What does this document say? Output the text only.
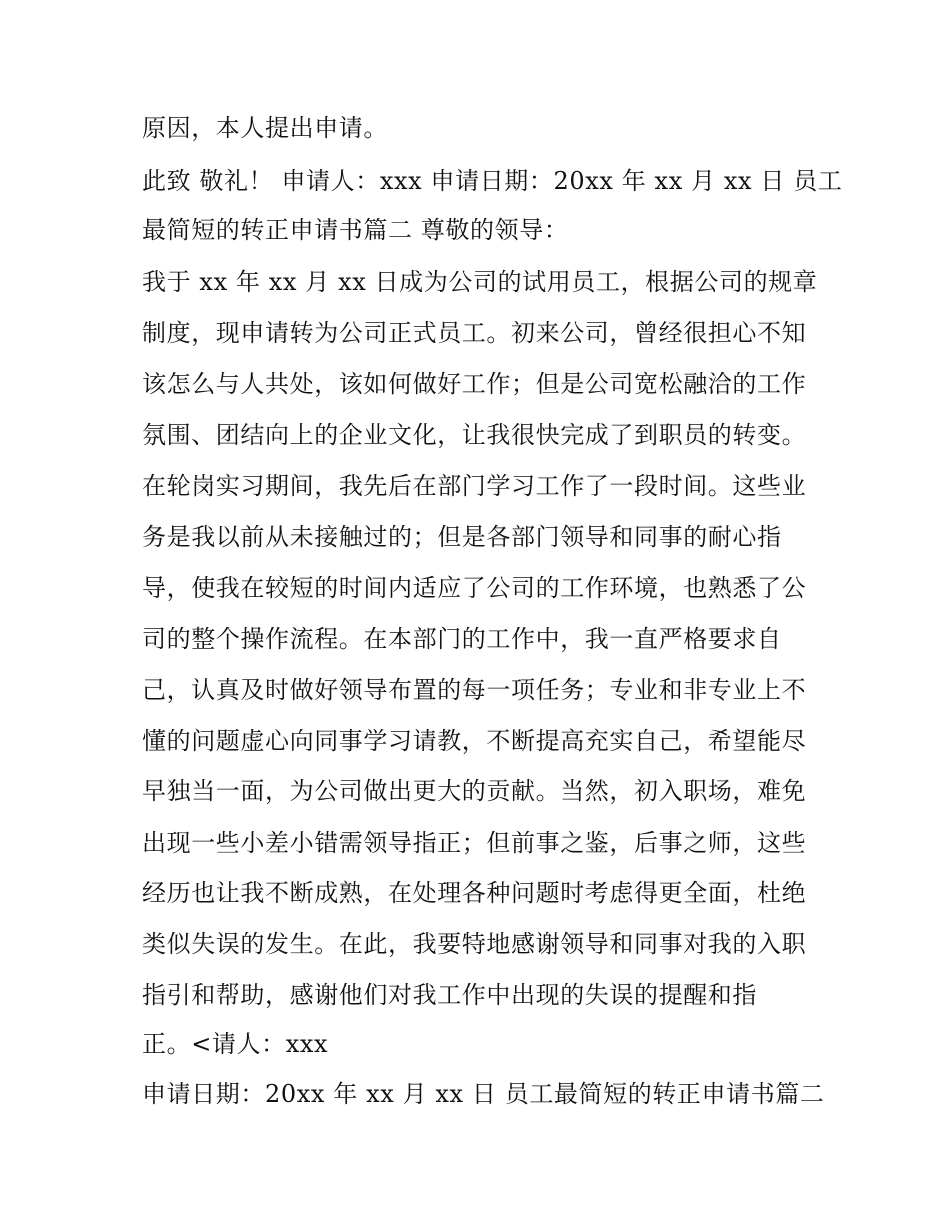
原因，本人提出申请。

此致 敬礼！ 申请人：xxx 申请日期：20xx 年 xx 月 xx 日 员工

最简短的转正申请书篇二 尊敬的领导：

我于 xx 年 xx 月 xx 日成为公司的试用员工，根据公司的规章

制度，现申请转为公司正式员工。初来公司，曾经很担心不知

该怎么与人共处，该如何做好工作；但是公司宽松融洽的工作

氛围、团结向上的企业文化，让我很快完成了到职员的转变。

在轮岗实习期间，我先后在部门学习工作了一段时间。这些业

务是我以前从未接触过的；但是各部门领导和同事的耐心指

导，使我在较短的时间内适应了公司的工作环境，也熟悉了公

司的整个操作流程。在本部门的工作中，我一直严格要求自

己，认真及时做好领导布置的每一项任务；专业和非专业上不

懂的问题虚心向同事学习请教，不断提高充实自己，希望能尽

早独当一面，为公司做出更大的贡献。当然，初入职场，难免

出现一些小差小错需领导指正；但前事之鉴，后事之师，这些

经历也让我不断成熟，在处理各种问题时考虑得更全面，杜绝

类似失误的发生。在此，我要特地感谢领导和同事对我的入职

指引和帮助，感谢他们对我工作中出现的失误的提醒和指

正。<请人：xxx

申请日期：20xx 年 xx 月 xx 日 员工最简短的转正申请书篇二
